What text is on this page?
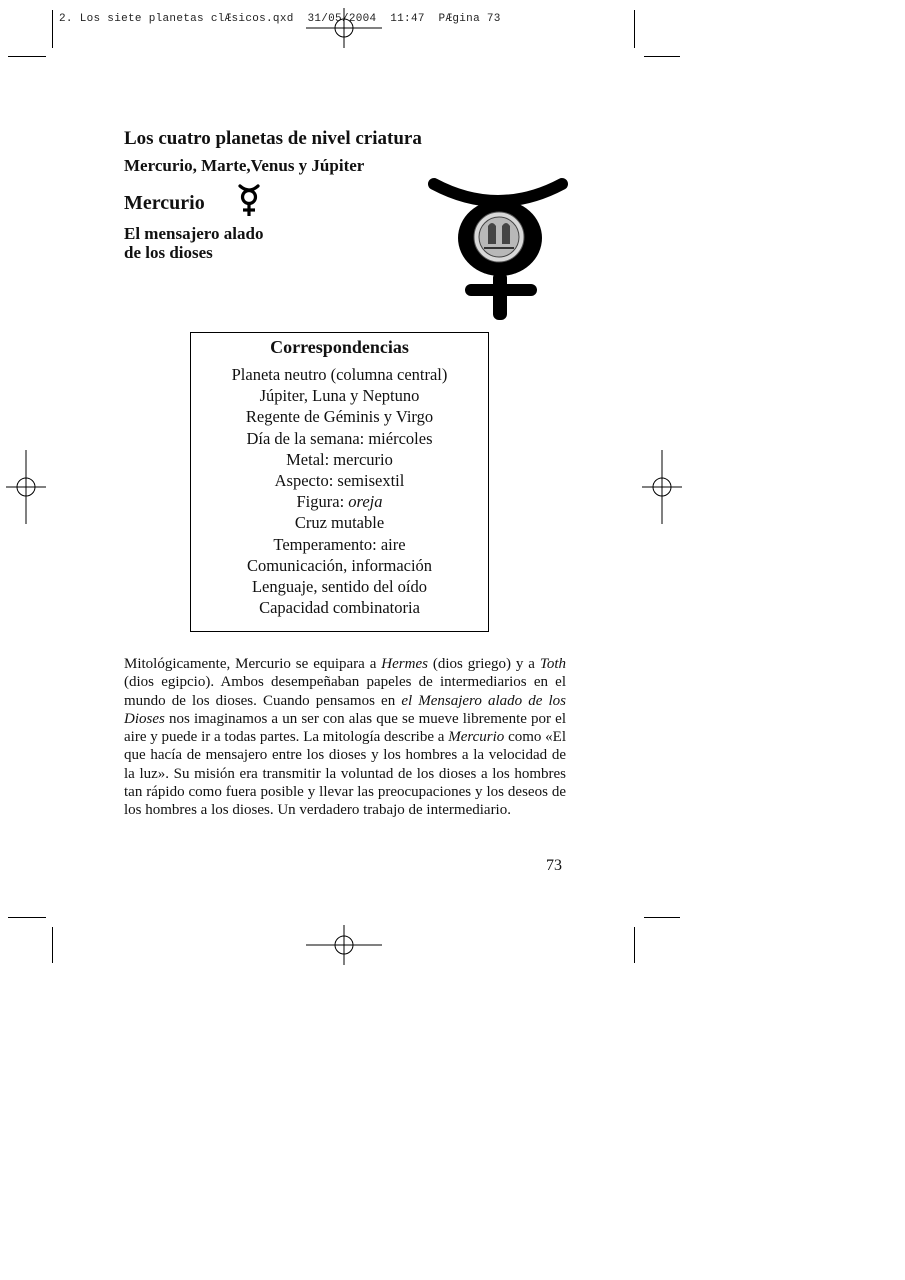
2. Los siete planetas clÆsicos.qxd  31/05/2004  11:47  PÆgina 73
Los cuatro planetas de nivel criatura
Mercurio, Marte,Venus y Júpiter
Mercurio
El mensajero alado
de los dioses
Correspondencias
Planeta neutro (columna central)
Júpiter, Luna y Neptuno
Regente de Géminis y Virgo
Día de la semana: miércoles
Metal: mercurio
Aspecto: semisextil
Figura: oreja
Cruz mutable
Temperamento: aire
Comunicación, información
Lenguaje, sentido del oído
Capacidad combinatoria

Mitológicamente, Mercurio se equipara a Hermes (dios griego) y a Toth (dios egipcio). Ambos desempeñaban papeles de intermediarios en el mundo de los dioses. Cuando pensamos en el Mensajero alado de los Dioses nos imaginamos a un ser con alas que se mueve libremente por el aire y puede ir a todas partes. La mitología describe a Mercurio como «El que hacía de mensajero entre los dioses y los hombres a la velocidad de la luz». Su misión era transmitir la voluntad de los dioses a los hombres tan rápido como fuera posible y llevar las preocupaciones y los deseos de los hombres a los dioses. Un verdadero trabajo de intermediario.

73
